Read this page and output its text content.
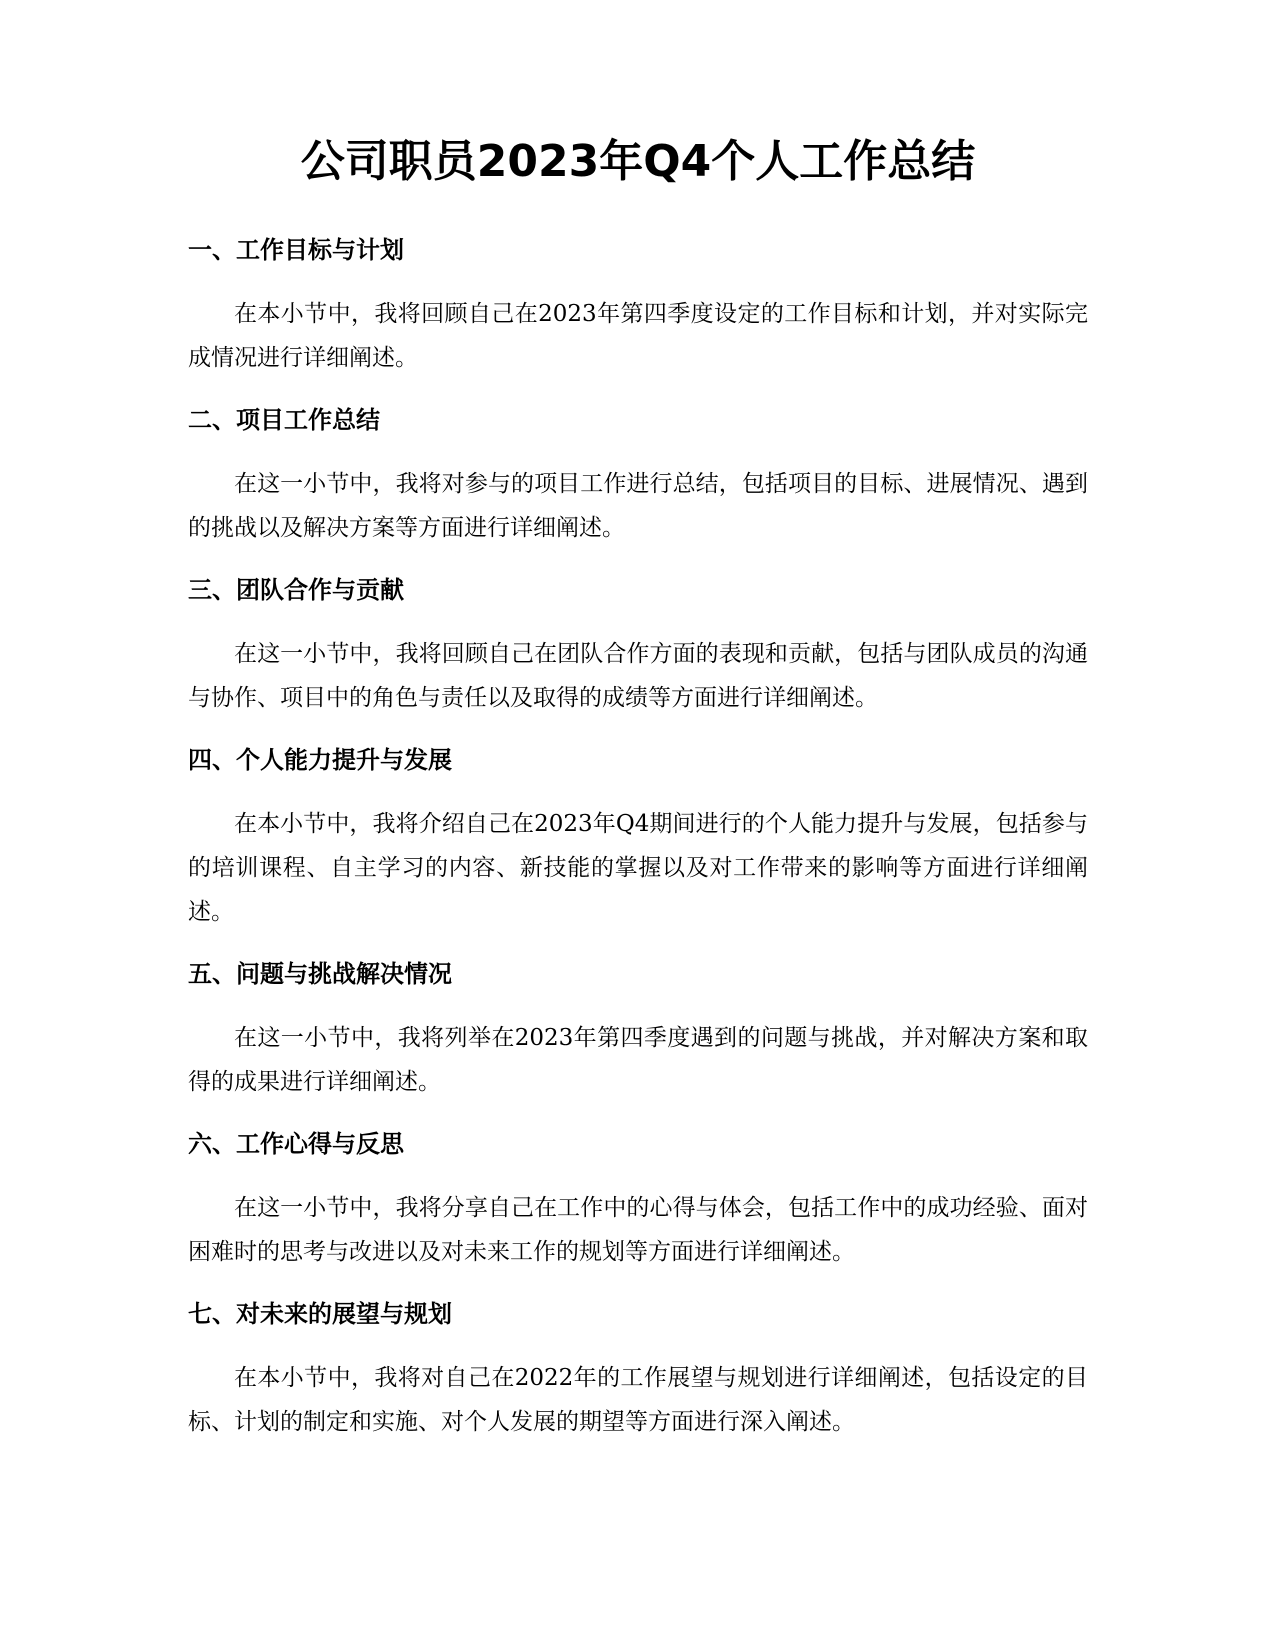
公司职员2023年Q4个人工作总结
一、工作目标与计划

在本小节中，我将回顾自己在2023年第四季度设定的工作目标和计划，并对实际完成情况进行详细阐述。

二、项目工作总结

在这一小节中，我将对参与的项目工作进行总结，包括项目的目标、进展情况、遇到的挑战以及解决方案等方面进行详细阐述。

三、团队合作与贡献

在这一小节中，我将回顾自己在团队合作方面的表现和贡献，包括与团队成员的沟通与协作、项目中的角色与责任以及取得的成绩等方面进行详细阐述。

四、个人能力提升与发展

在本小节中，我将介绍自己在2023年Q4期间进行的个人能力提升与发展，包括参与的培训课程、自主学习的内容、新技能的掌握以及对工作带来的影响等方面进行详细阐述。

五、问题与挑战解决情况

在这一小节中，我将列举在2023年第四季度遇到的问题与挑战，并对解决方案和取得的成果进行详细阐述。

六、工作心得与反思

在这一小节中，我将分享自己在工作中的心得与体会，包括工作中的成功经验、面对困难时的思考与改进以及对未来工作的规划等方面进行详细阐述。

七、对未来的展望与规划

在本小节中，我将对自己在2022年的工作展望与规划进行详细阐述，包括设定的目标、计划的制定和实施、对个人发展的期望等方面进行深入阐述。
